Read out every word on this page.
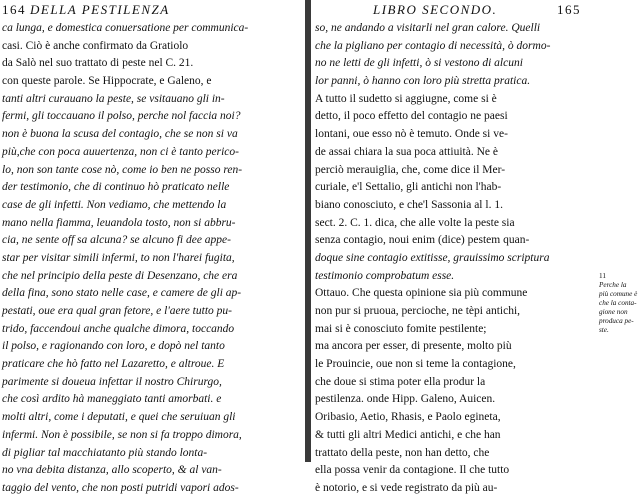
164 DELLA PESTILENZA
ca lunga, e domestica conuersatione per communica-
casi. Ciò è anche confirmato da Gratiolo
da Salò nel suo trattato di peste nel C. 21.
con queste parole. Se Hippocrate, e Galeno, e
tanti altri curauano la peste, se vsitauano gli in-
fermi, gli toccauano il polso, perche nol faccia noi?
non è buona la scusa del contagio, che se non si va
più,che con poca auuertenza, non ci è tanto perico-
lo, non son tante cose nò, come io ben ne posso ren-
der testimonio, che di continuo hò praticato nelle
case de gli infetti. Non vediamo, che mettendo la
mano nella fiamma, leuandola tosto, non si abbru-
cia, ne sente off sa alcuna? se alcuno fi dee appe-
star per visitar simili infermi, to non l'harei fugita,
che nel principio della peste di Desenzano, che era
della fina, sono stato nelle case, e camere de gli ap-
pestati, oue era qual gran fetore, e l'aere tutto pu-
trido, faccendoui anche qualche dimora, toccando
il polso, e ragionando con loro, e dopò nel tanto
praticare che hò fatto nel Lazaretto, e altroue. E
parimente si doueua infettar il nostro Chirurgo,
che così ardito hà maneggiato tanti amorbati. e
molti altri, come i deputati, e quei che seruiuan gli
infermi. Non è possibile, se non si fa troppo dimora,
di pigliar tal macchiatanto più stando lonta-
no vna debita distanza, allo scoperto, & al van-
taggio del vento, che non posti putridi vapori ados-
LIBRO SECONDO.	165
so, ne andando a visitarli nel gran calore. Quelli
che la pigliano per contagio di necessità, ò dormo-
no ne letti de gli infetti, ò si vestono di alcuni
lor panni, ò hanno con loro più stretta pratica.
A tutto il sudetto si aggiugne, come si è
detto, il poco effetto del contagio ne paesi
lontani, oue esso nò è temuto. Onde si ve-
de assai chiara la sua poca attiuità. Ne è
perciò merauiglia, che, come dice il Mer-
curiale, e'l Settalio, gli antichi non l'hab-
biano conosciuto, e che'l Sassonia al l. 1.
sect. 2. C. 1. dica, che alle volte la peste sia
senza contagio, noui enim (dice) pestem quan-
doque sine contagio extitisse, grauissimo scriptura
testimonio comprobatum esse.
Ottauo. Che questa opinione sia più commune
non pur si pruoua, percioche, ne tèpi antichi,
mai si è conosciuto fomite pestilente;
ma ancora per esser, di presente, molto più
le Prouincie, oue non si teme la contagione,
che doue si stima poter ella produr la
pestilenza. onde Hipp. Galeno, Auicen.
Oribasio, Aetio, Rhasis, e Paolo egineta,
& tutti gli altri Medici antichi, e che han
trattato della peste, non han detto, che
ella possa venir da contagione. Il che tutto
è notorio, e si vede registrato da più au-
11
Perche la
più comune è
che la conta-
gione non
produca pe-
ste.
